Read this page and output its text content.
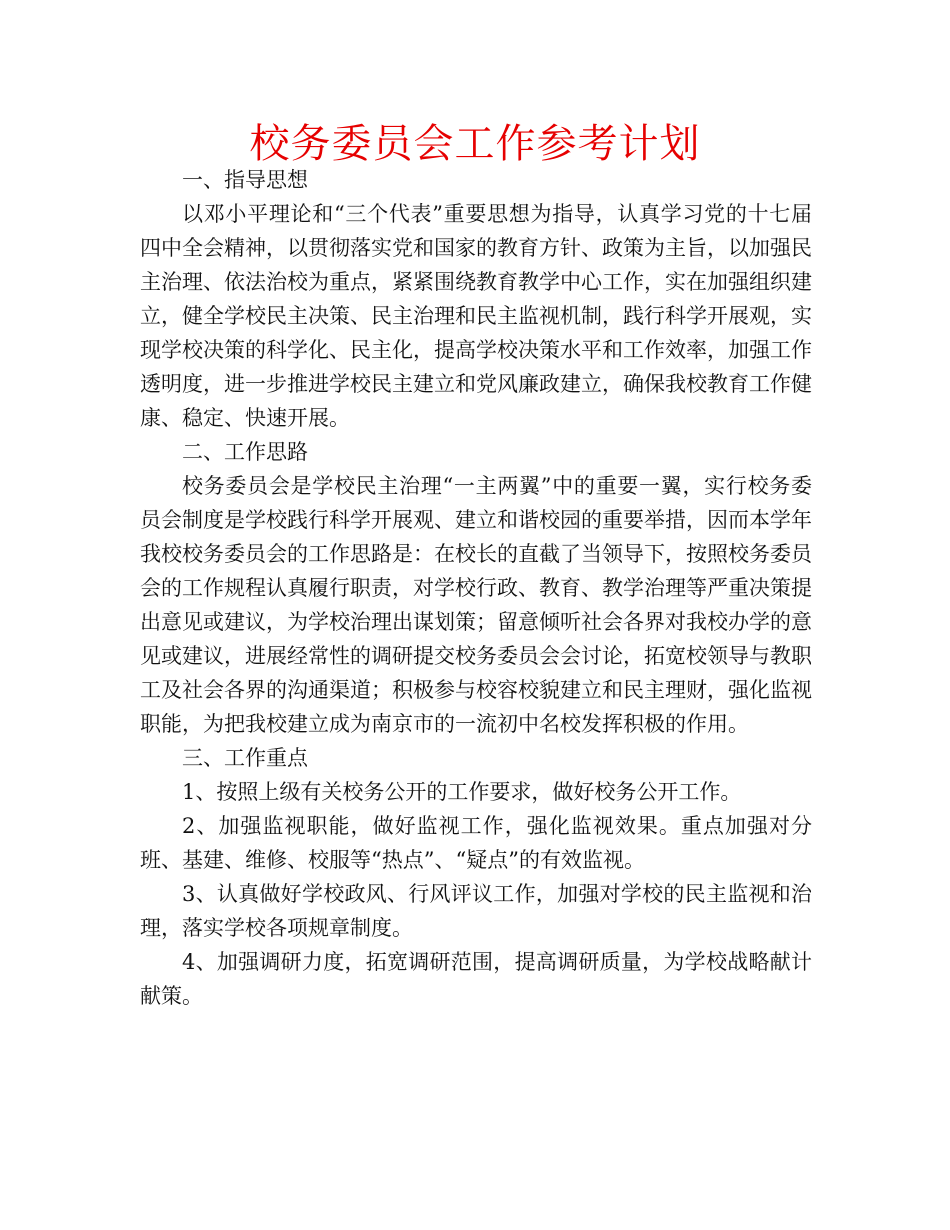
校务委员会工作参考计划

一、指导思想

以邓小平理论和“三个代表”重要思想为指导，认真学习党的十七届四中全会精神，以贯彻落实党和国家的教育方针、政策为主旨，以加强民主治理、依法治校为重点，紧紧围绕教育教学中心工作，实在加强组织建立，健全学校民主决策、民主治理和民主监视机制，践行科学开展观，实现学校决策的科学化、民主化，提高学校决策水平和工作效率，加强工作透明度，进一步推进学校民主建立和党风廉政建立，确保我校教育工作健康、稳定、快速开展。

二、工作思路

校务委员会是学校民主治理“一主两翼”中的重要一翼，实行校务委员会制度是学校践行科学开展观、建立和谐校园的重要举措，因而本学年我校校务委员会的工作思路是：在校长的直截了当领导下，按照校务委员会的工作规程认真履行职责，对学校行政、教育、教学治理等严重决策提出意见或建议，为学校治理出谋划策；留意倾听社会各界对我校办学的意见或建议，进展经常性的调研提交校务委员会会讨论，拓宽校领导与教职工及社会各界的沟通渠道；积极参与校容校貌建立和民主理财，强化监视职能，为把我校建立成为南京市的一流初中名校发挥积极的作用。

三、工作重点

1、按照上级有关校务公开的工作要求，做好校务公开工作。

2、加强监视职能，做好监视工作，强化监视效果。重点加强对分班、基建、维修、校服等“热点”、“疑点”的有效监视。

3、认真做好学校政风、行风评议工作，加强对学校的民主监视和治理，落实学校各项规章制度。

4、加强调研力度，拓宽调研范围，提高调研质量，为学校战略献计献策。
